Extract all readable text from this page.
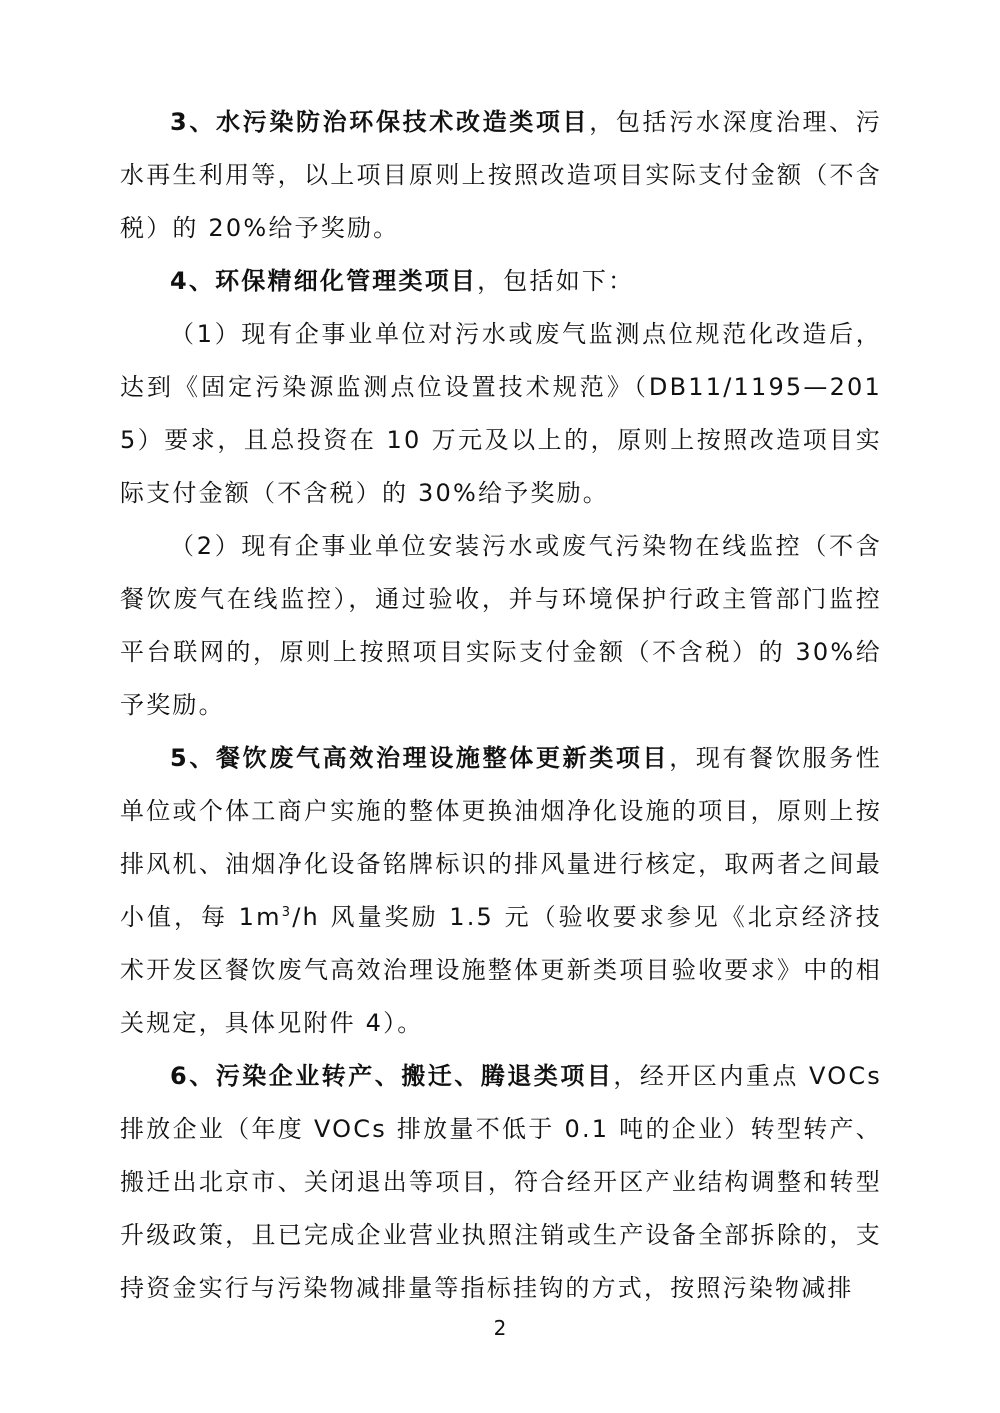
3、水污染防治环保技术改造类项目，包括污水深度治理、污水再生利用等，以上项目原则上按照改造项目实际支付金额（不含税）的 20%给予奖励。

4、环保精细化管理类项目，包括如下：

（1）现有企事业单位对污水或废气监测点位规范化改造后，达到《固定污染源监测点位设置技术规范》（DB11/1195—2015）要求，且总投资在 10 万元及以上的，原则上按照改造项目实际支付金额（不含税）的 30%给予奖励。

（2）现有企事业单位安装污水或废气污染物在线监控（不含餐饮废气在线监控），通过验收，并与环境保护行政主管部门监控平台联网的，原则上按照项目实际支付金额（不含税）的 30%给予奖励。

5、餐饮废气高效治理设施整体更新类项目，现有餐饮服务性单位或个体工商户实施的整体更换油烟净化设施的项目，原则上按排风机、油烟净化设备铭牌标识的排风量进行核定，取两者之间最小值，每 $1m^3/h$ 风量奖励 1.5 元（验收要求参见《北京经济技术开发区餐饮废气高效治理设施整体更新类项目验收要求》中的相关规定，具体见附件 4）。

6、污染企业转产、搬迁、腾退类项目，经开区内重点 VOCs 排放企业（年度 VOCs 排放量不低于 0.1 吨的企业）转型转产、搬迁出北京市、关闭退出等项目，符合经开区产业结构调整和转型升级政策，且已完成企业营业执照注销或生产设备全部拆除的，支持资金实行与污染物减排量等指标挂钩的方式，按照污染物减排

2
